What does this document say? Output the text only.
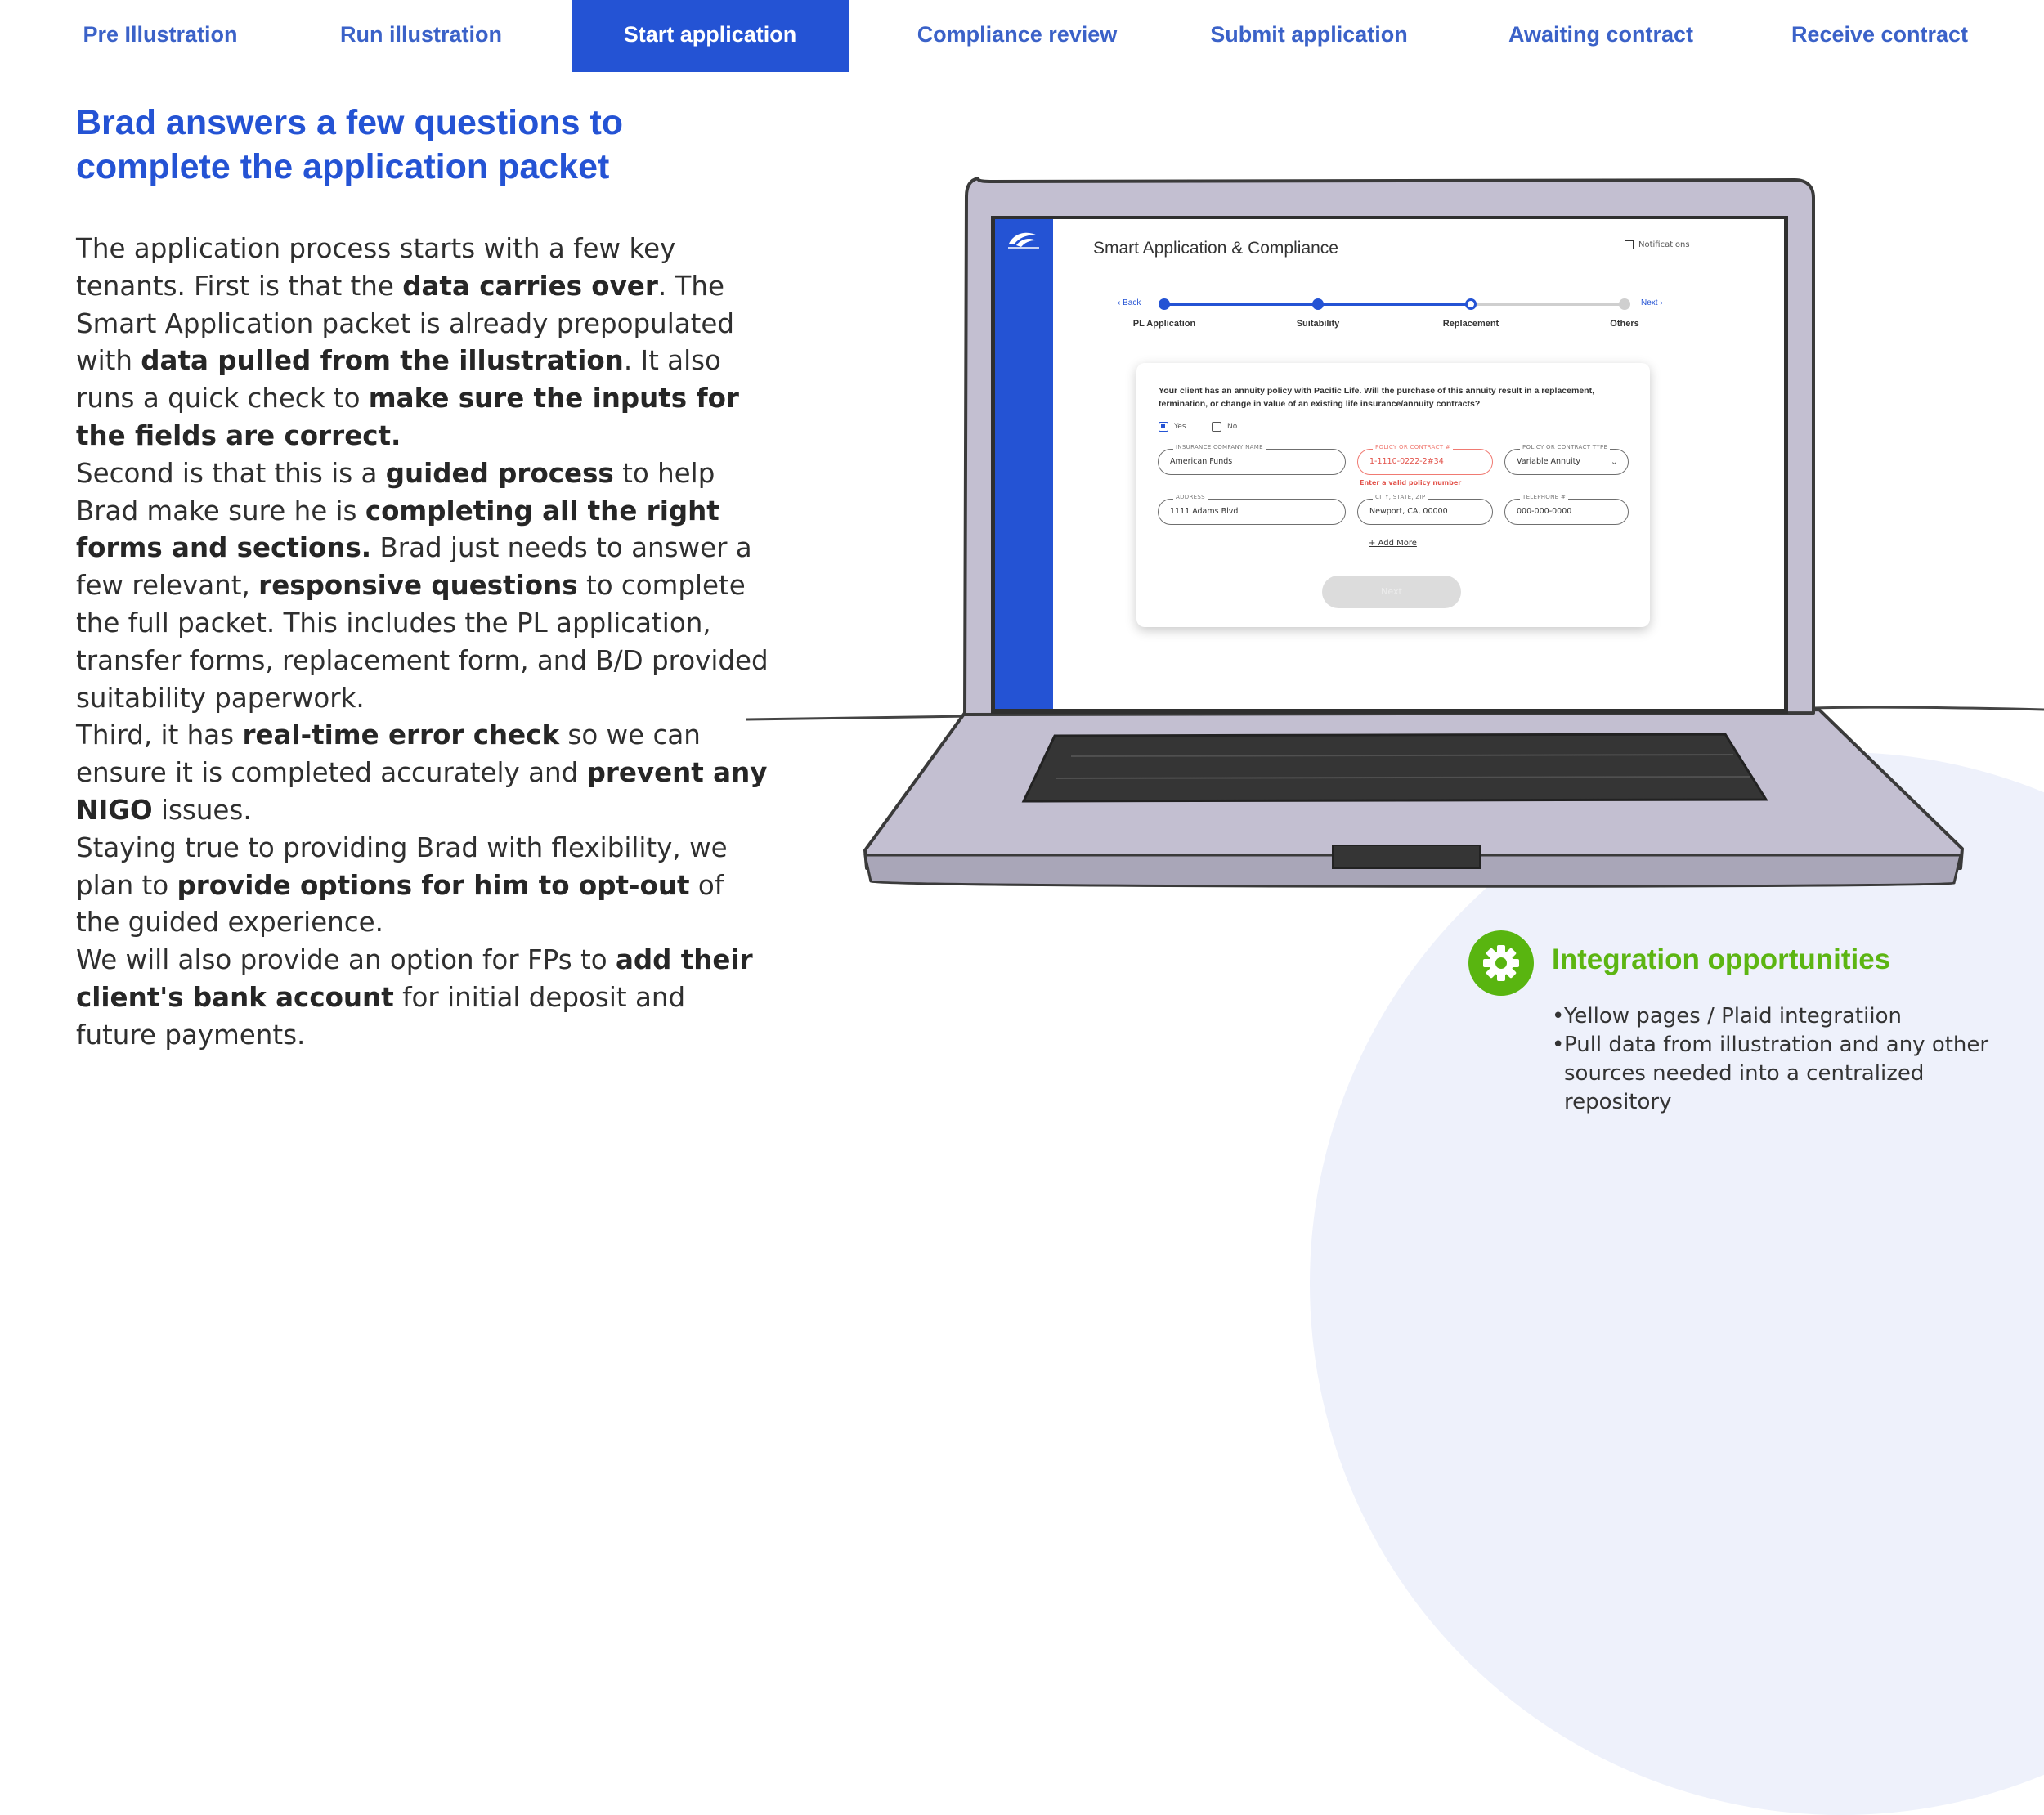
Pre Illustration	Run illustration	Start application	Compliance review	Submit application	Awaiting contract	Receive contract
Brad answers a few questions to complete the application packet

The application process starts with a few key tenants. First is that the data carries over. The Smart Application packet is already prepopulated with data pulled from the illustration. It also runs a quick check to make sure the inputs for the fields are correct.

Second is that this is a guided process to help Brad make sure he is completing all the right forms and sections. Brad just needs to answer a few relevant, responsive questions to complete the full packet. This includes the PL application, transfer forms, replacement form, and B/D provided suitability paperwork.

Third, it has real-time error check so we can ensure it is completed accurately and prevent any NIGO issues.

Staying true to providing Brad with flexibility, we plan to provide options for him to opt-out of the guided experience.

We will also provide an option for FPs to add their client's bank account for initial deposit and future payments.

Smart Application & Compliance	Notifications
‹ Back	Next ›
PL Application	Suitability	Replacement	Others
Your client has an annuity policy with Pacific Life. Will the purchase of this annuity result in a replacement, termination, or change in value of an existing life insurance/annuity contracts?
Yes	No
INSURANCE COMPANY NAME
American Funds
POLICY OR CONTRACT #
1-1110-0222-2#34
Enter a valid policy number
POLICY OR CONTRACT TYPE
Variable Annuity	⌄
ADDRESS
1111 Adams Blvd
CITY, STATE, ZIP
Newport, CA, 00000
TELEPHONE #
000-000-0000
+ Add More
Next
Integration opportunities
• Yellow pages / Plaid integratiion
• Pull data from illustration and any other sources needed into a centralized repository
